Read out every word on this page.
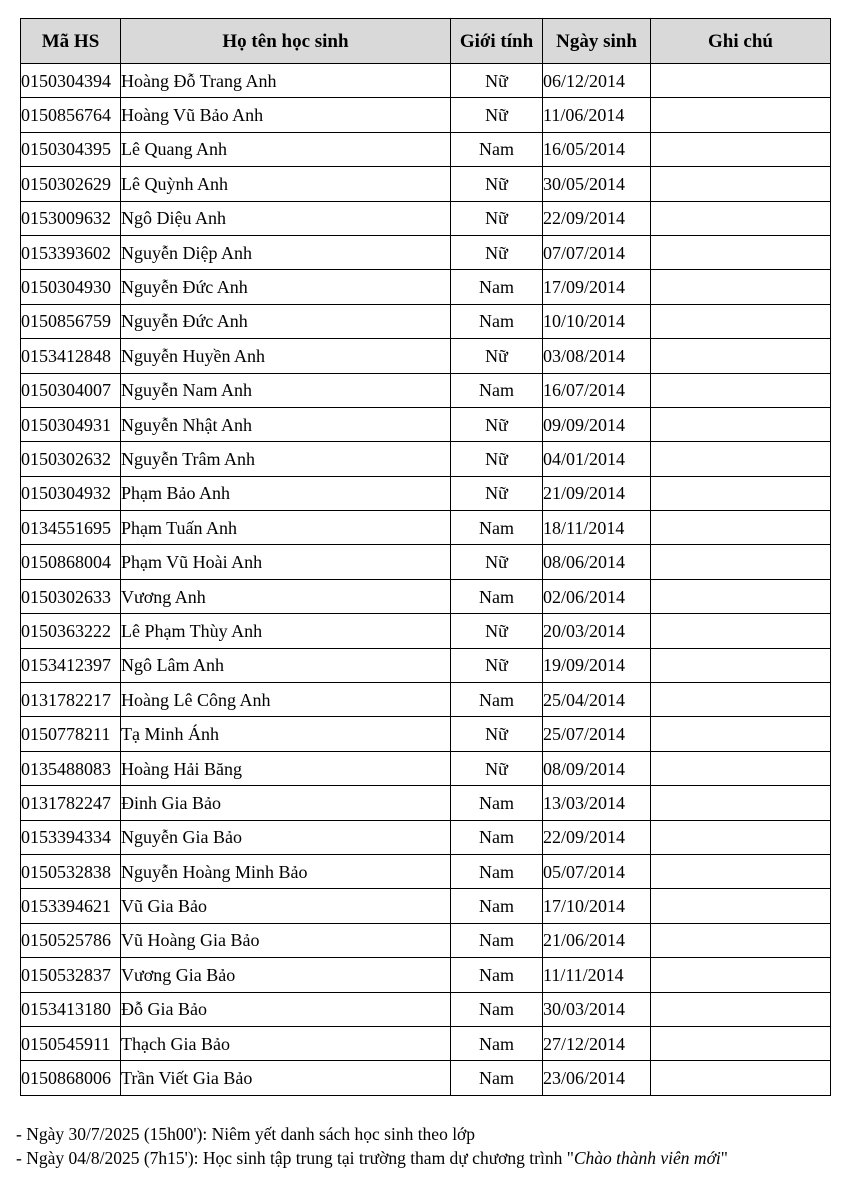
Mã HS	Họ tên học sinh	Giới tính	Ngày sinh	Ghi chú
0150304394	Hoàng Đỗ Trang Anh	Nữ	06/12/2014	
0150856764	Hoàng Vũ Bảo Anh	Nữ	11/06/2014	
0150304395	Lê Quang Anh	Nam	16/05/2014	
0150302629	Lê Quỳnh Anh	Nữ	30/05/2014	
0153009632	Ngô Diệu Anh	Nữ	22/09/2014	
0153393602	Nguyễn Diệp Anh	Nữ	07/07/2014	
0150304930	Nguyễn Đức Anh	Nam	17/09/2014	
0150856759	Nguyễn Đức Anh	Nam	10/10/2014	
0153412848	Nguyễn Huyền Anh	Nữ	03/08/2014	
0150304007	Nguyễn Nam Anh	Nam	16/07/2014	
0150304931	Nguyễn Nhật Anh	Nữ	09/09/2014	
0150302632	Nguyễn Trâm Anh	Nữ	04/01/2014	
0150304932	Phạm Bảo Anh	Nữ	21/09/2014	
0134551695	Phạm Tuấn Anh	Nam	18/11/2014	
0150868004	Phạm Vũ Hoài Anh	Nữ	08/06/2014	
0150302633	Vương Anh	Nam	02/06/2014	
0150363222	Lê Phạm Thùy Anh	Nữ	20/03/2014	
0153412397	Ngô Lâm Anh	Nữ	19/09/2014	
0131782217	Hoàng Lê Công Anh	Nam	25/04/2014	
0150778211	Tạ Minh Ánh	Nữ	25/07/2014	
0135488083	Hoàng Hải Băng	Nữ	08/09/2014	
0131782247	Đinh Gia Bảo	Nam	13/03/2014	
0153394334	Nguyễn Gia Bảo	Nam	22/09/2014	
0150532838	Nguyễn Hoàng Minh Bảo	Nam	05/07/2014	
0153394621	Vũ Gia Bảo	Nam	17/10/2014	
0150525786	Vũ Hoàng Gia Bảo	Nam	21/06/2014	
0150532837	Vương Gia Bảo	Nam	11/11/2014	
0153413180	Đỗ Gia Bảo	Nam	30/03/2014	
0150545911	Thạch Gia Bảo	Nam	27/12/2014	
0150868006	Trần Viết Gia Bảo	Nam	23/06/2014	
- Ngày 30/7/2025 (15h00'): Niêm yết danh sách học sinh theo lớp
- Ngày 04/8/2025 (7h15'): Học sinh tập trung tại trường tham dự chương trình "Chào thành viên mới"
